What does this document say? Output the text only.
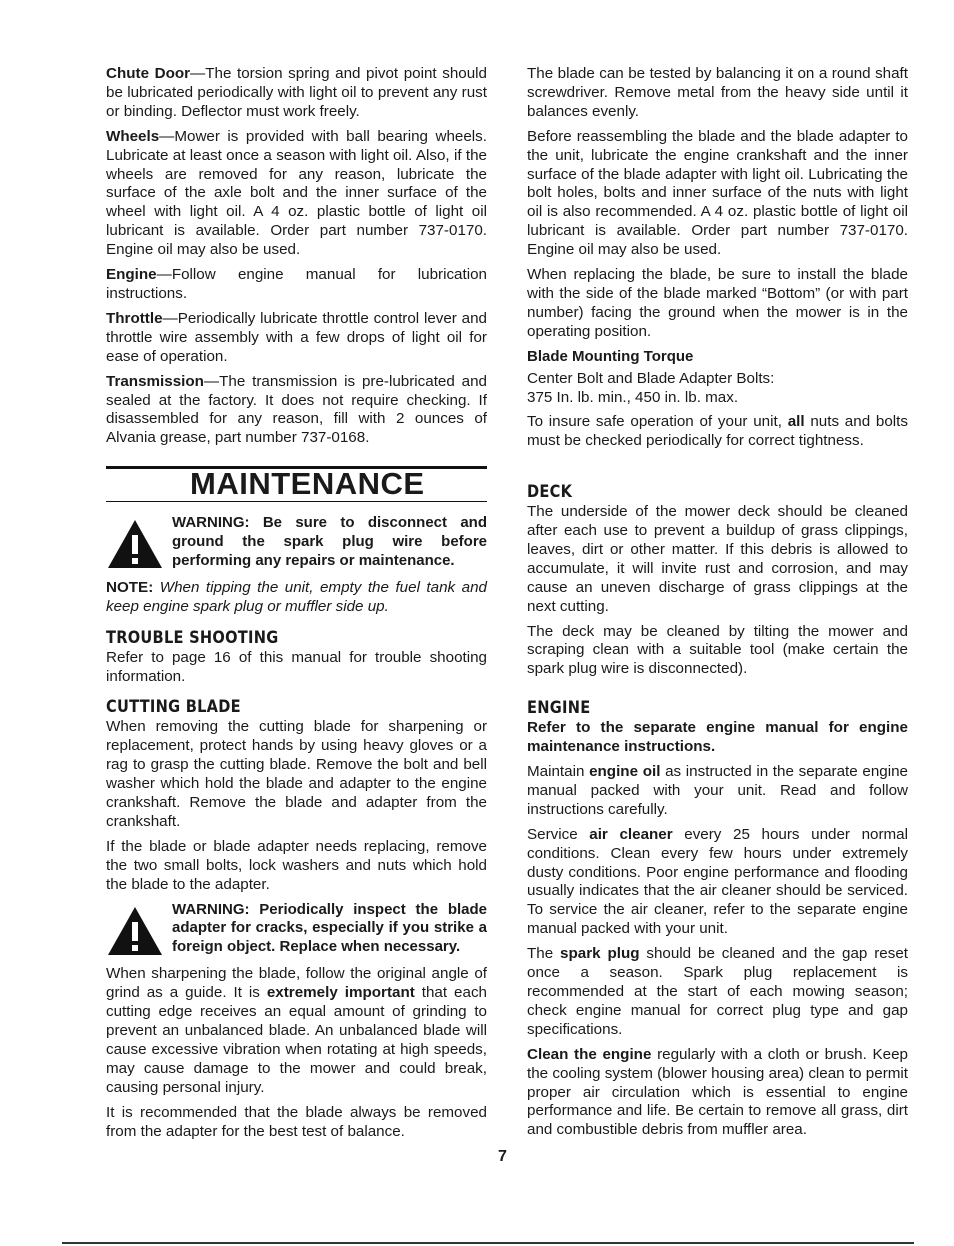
Chute Door—The torsion spring and pivot point should be lubricated periodically with light oil to prevent any rust or binding. Deflector must work freely.

Wheels—Mower is provided with ball bearing wheels. Lubricate at least once a season with light oil. Also, if the wheels are removed for any reason, lubricate the surface of the axle bolt and the inner surface of the wheel with light oil. A 4 oz. plastic bottle of light oil lubricant is available. Order part number 737-0170. Engine oil may also be used.

Engine—Follow engine manual for lubrication instructions.

Throttle—Periodically lubricate throttle control lever and throttle wire assembly with a few drops of light oil for ease of operation.

Transmission—The transmission is pre-lubricated and sealed at the factory. It does not require checking. If disassembled for any reason, fill with 2 ounces of Alvania grease, part number 737-0168.

MAINTENANCE
WARNING: Be sure to disconnect and ground the spark plug wire before performing any repairs or maintenance.

NOTE: When tipping the unit, empty the fuel tank and keep engine spark plug or muffler side up.

TROUBLE SHOOTING

Refer to page 16 of this manual for trouble shooting information.

CUTTING BLADE

When removing the cutting blade for sharpening or replacement, protect hands by using heavy gloves or a rag to grasp the cutting blade. Remove the bolt and bell washer which hold the blade and adapter to the engine crankshaft. Remove the blade and adapter from the crankshaft.

If the blade or blade adapter needs replacing, remove the two small bolts, lock washers and nuts which hold the blade to the adapter.

WARNING: Periodically inspect the blade adapter for cracks, especially if you strike a foreign object. Replace when necessary.

When sharpening the blade, follow the original angle of grind as a guide. It is extremely important that each cutting edge receives an equal amount of grinding to prevent an unbalanced blade. An unbalanced blade will cause excessive vibration when rotating at high speeds, may cause damage to the mower and could break, causing personal injury.

It is recommended that the blade always be removed from the adapter for the best test of balance.

The blade can be tested by balancing it on a round shaft screwdriver. Remove metal from the heavy side until it balances evenly.

Before reassembling the blade and the blade adapter to the unit, lubricate the engine crankshaft and the inner surface of the blade adapter with light oil. Lubricating the bolt holes, bolts and inner surface of the nuts with light oil is also recommended. A 4 oz. plastic bottle of light oil lubricant is available. Order part number 737-0170. Engine oil may also be used.

When replacing the blade, be sure to install the blade with the side of the blade marked “Bottom” (or with part number) facing the ground when the mower is in the operating position.

Blade Mounting Torque
Center Bolt and Blade Adapter Bolts:

375 In. lb. min., 450 in. lb. max.

To insure safe operation of your unit, all nuts and bolts must be checked periodically for correct tightness.

DECK

The underside of the mower deck should be cleaned after each use to prevent a buildup of grass clippings, leaves, dirt or other matter. If this debris is allowed to accumulate, it will invite rust and corrosion, and may cause an uneven discharge of grass clippings at the next cutting.

The deck may be cleaned by tilting the mower and scraping clean with a suitable tool (make certain the spark plug wire is disconnected).

ENGINE

Refer to the separate engine manual for engine maintenance instructions.

Maintain engine oil as instructed in the separate engine manual packed with your unit. Read and follow instructions carefully.

Service air cleaner every 25 hours under normal conditions. Clean every few hours under extremely dusty conditions. Poor engine performance and flooding usually indicates that the air cleaner should be serviced. To service the air cleaner, refer to the separate engine manual packed with your unit.

The spark plug should be cleaned and the gap reset once a season. Spark plug replacement is recommended at the start of each mowing season; check engine manual for correct plug type and gap specifications.

Clean the engine regularly with a cloth or brush. Keep the cooling system (blower housing area) clean to permit proper air circulation which is essential to engine performance and life. Be certain to remove all grass, dirt and combustible debris from muffler area.

7
